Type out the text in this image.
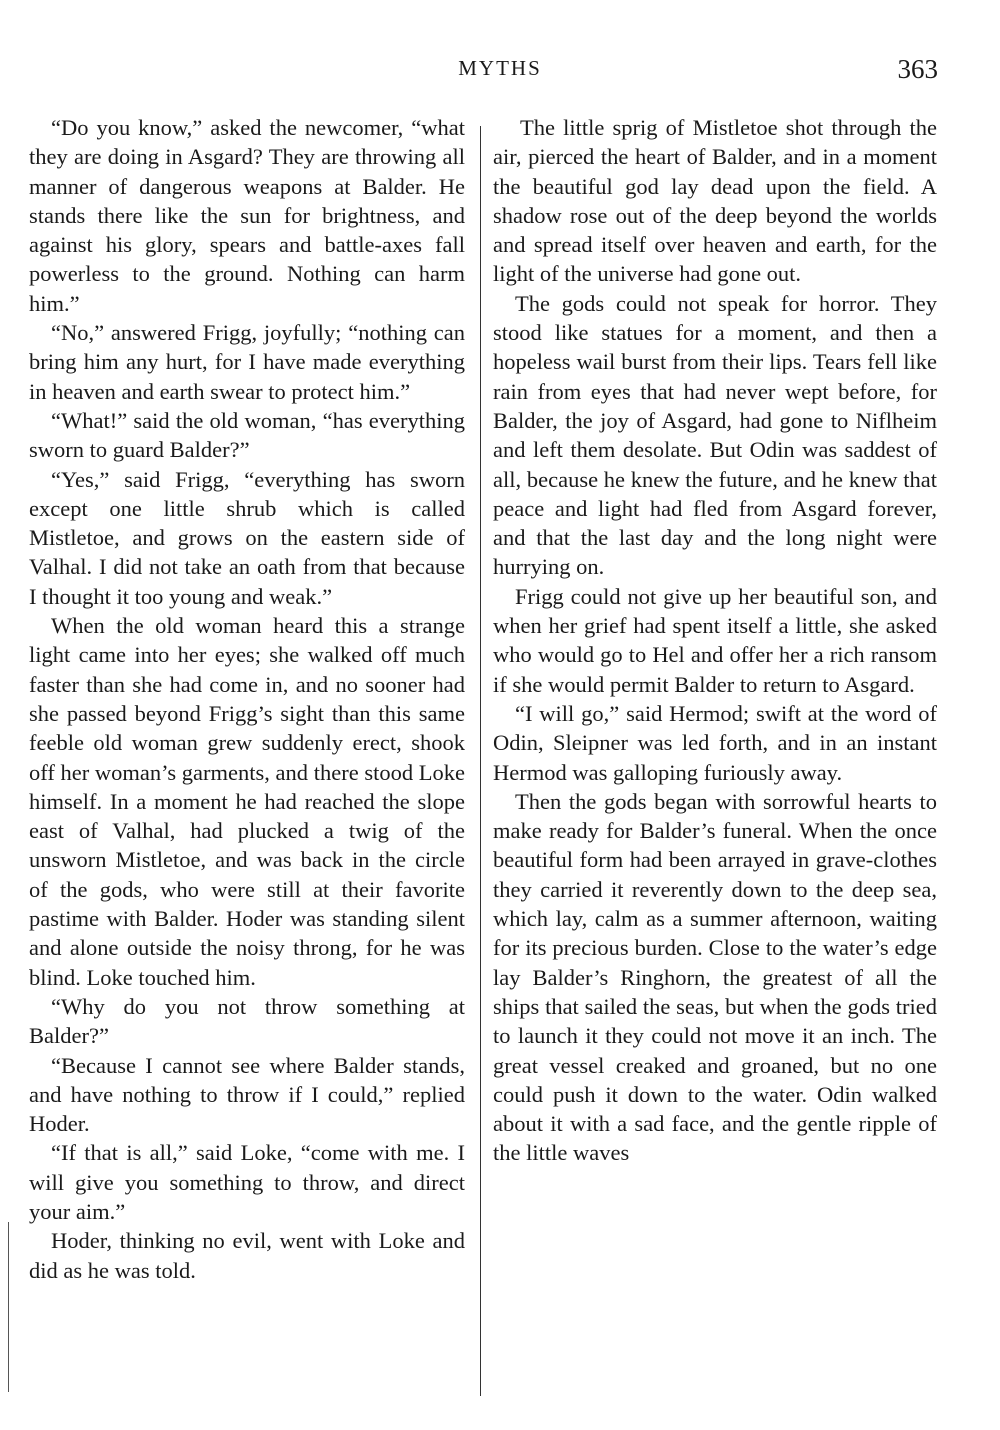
MYTHS	363

“Do you know,” asked the newcomer, “what they are doing in Asgard? They are throwing all manner of dangerous weapons at Balder. He stands there like the sun for brightness, and against his glory, spears and battle-axes fall powerless to the ground. Nothing can harm him.”

“No,” answered Frigg, joyfully; “nothing can bring him any hurt, for I have made everything in heaven and earth swear to protect him.”

“What!” said the old woman, “has everything sworn to guard Balder?”

“Yes,” said Frigg, “everything has sworn except one little shrub which is called Mistletoe, and grows on the eastern side of Valhal. I did not take an oath from that because I thought it too young and weak.”

When the old woman heard this a strange light came into her eyes; she walked off much faster than she had come in, and no sooner had she passed beyond Frigg’s sight than this same feeble old woman grew suddenly erect, shook off her woman’s garments, and there stood Loke himself. In a moment he had reached the slope east of Valhal, had plucked a twig of the unsworn Mistletoe, and was back in the circle of the gods, who were still at their favorite pastime with Balder. Hoder was standing silent and alone outside the noisy throng, for he was blind. Loke touched him.

“Why do you not throw something at Balder?”

“Because I cannot see where Balder stands, and have nothing to throw if I could,” replied Hoder.

“If that is all,” said Loke, “come with me. I will give you something to throw, and direct your aim.”

Hoder, thinking no evil, went with Loke and did as he was told.

The little sprig of Mistletoe shot through the air, pierced the heart of Balder, and in a moment the beautiful god lay dead upon the field. A shadow rose out of the deep beyond the worlds and spread itself over heaven and earth, for the light of the universe had gone out.

The gods could not speak for horror. They stood like statues for a moment, and then a hopeless wail burst from their lips. Tears fell like rain from eyes that had never wept before, for Balder, the joy of Asgard, had gone to Niflheim and left them desolate. But Odin was saddest of all, because he knew the future, and he knew that peace and light had fled from Asgard forever, and that the last day and the long night were hurrying on.

Frigg could not give up her beautiful son, and when her grief had spent itself a little, she asked who would go to Hel and offer her a rich ransom if she would permit Balder to return to Asgard.

“I will go,” said Hermod; swift at the word of Odin, Sleipner was led forth, and in an instant Hermod was galloping furiously away.

Then the gods began with sorrowful hearts to make ready for Balder’s funeral. When the once beautiful form had been arrayed in grave-clothes they carried it reverently down to the deep sea, which lay, calm as a summer afternoon, waiting for its precious burden. Close to the water’s edge lay Balder’s Ringhorn, the greatest of all the ships that sailed the seas, but when the gods tried to launch it they could not move it an inch. The great vessel creaked and groaned, but no one could push it down to the water. Odin walked about it with a sad face, and the gentle ripple of the little waves
